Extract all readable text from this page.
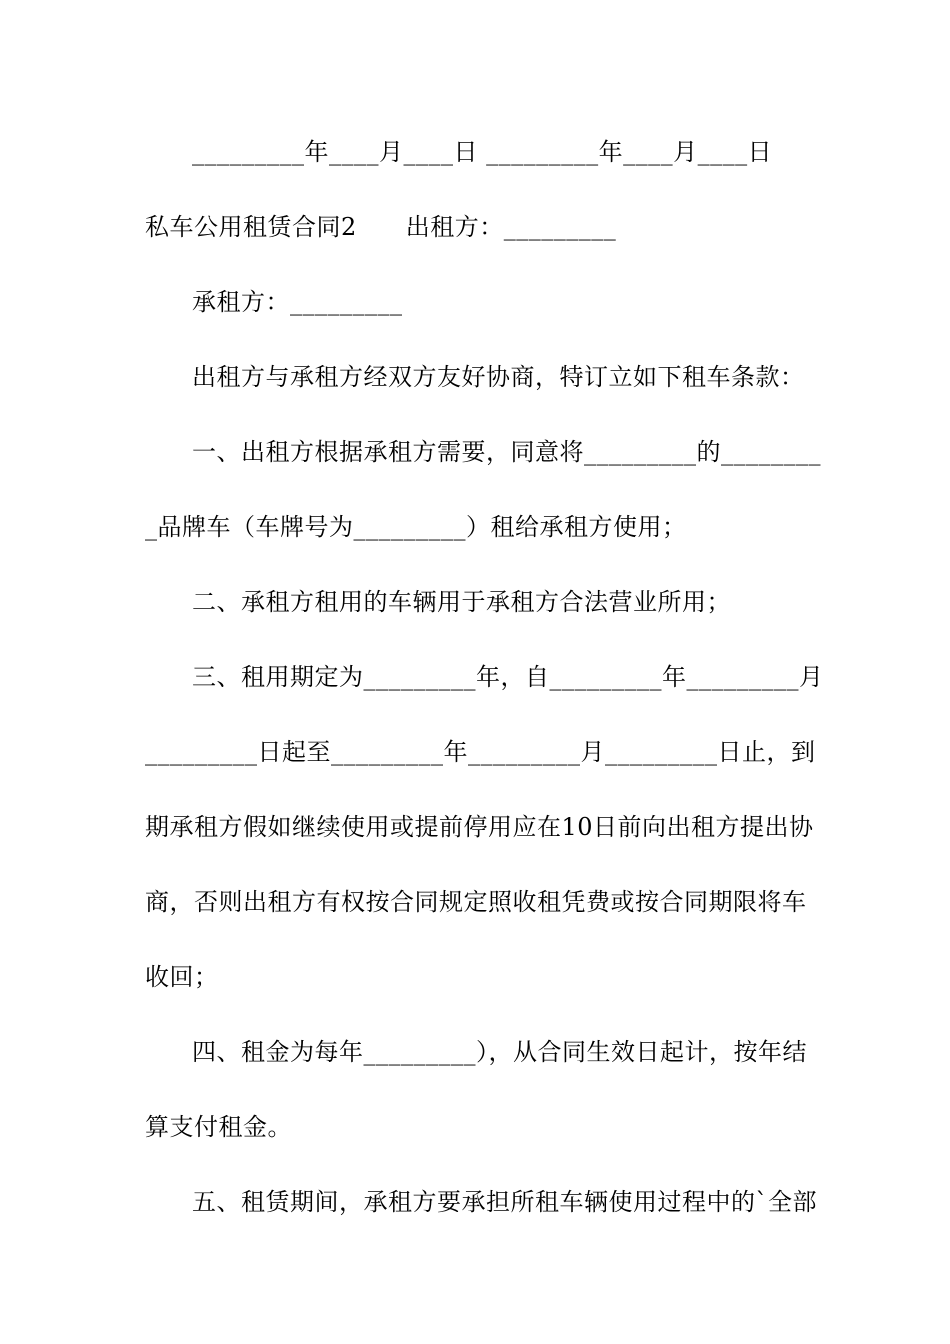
_________年____月____日 _________年____月____日
私车公用租赁合同2　　出租方：_________
承租方：_________
出租方与承租方经双方友好协商，特订立如下租车条款：
一、出租方根据承租方需要，同意将_________的________
_品牌车（车牌号为_________）租给承租方使用；
二、承租方租用的车辆用于承租方合法营业所用；
三、租用期定为_________年，自_________年_________月
_________日起至_________年_________月_________日止，到
期承租方假如继续使用或提前停用应在10日前向出租方提出协
商，否则出租方有权按合同规定照收租凭费或按合同期限将车
收回；
四、租金为每年_________），从合同生效日起计，按年结
算支付租金。
五、租赁期间，承租方要承担所租车辆使用过程中的`全部
